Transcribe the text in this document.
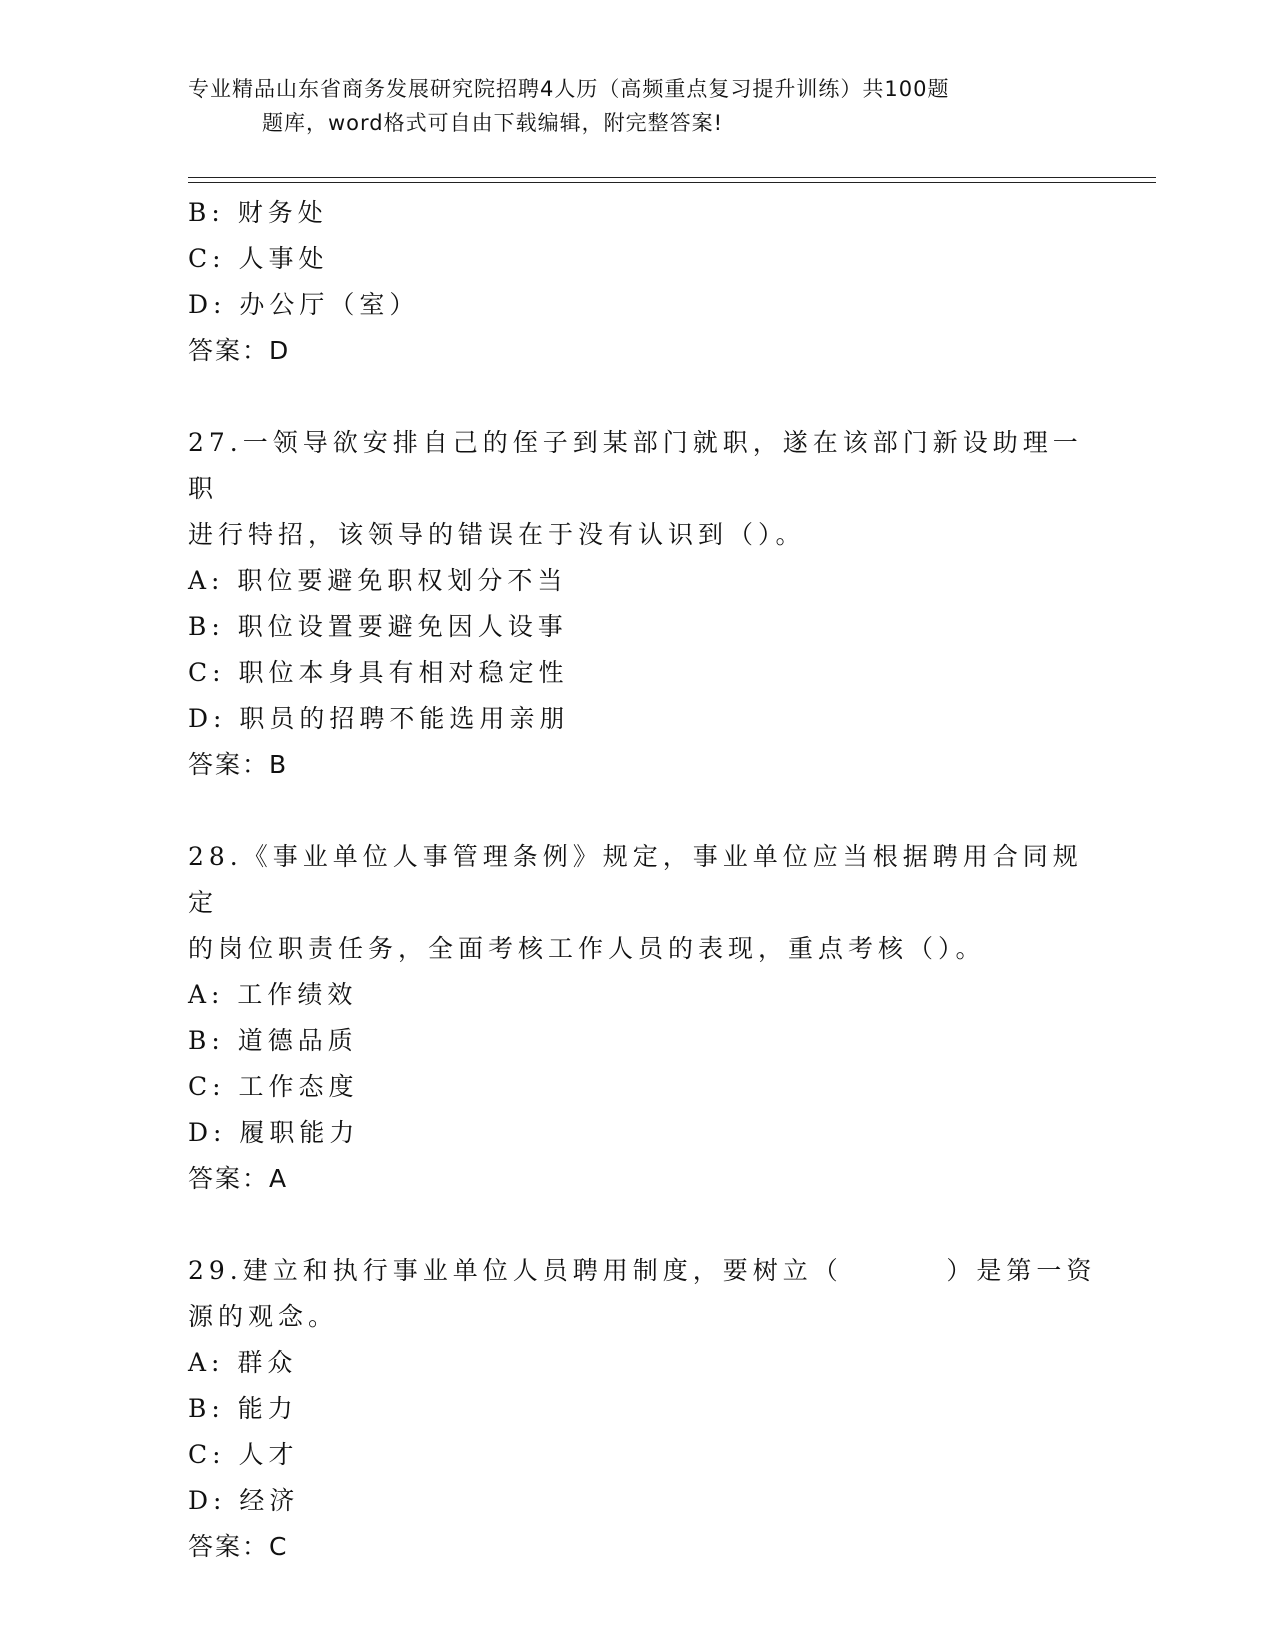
专业精品山东省商务发展研究院招聘4人历（高频重点复习提升训练）共100题
题库，word格式可自由下载编辑，附完整答案!
B: 财务处
C: 人事处
D: 办公厅（室）
答案：D
27.一领导欲安排自己的侄子到某部门就职，遂在该部门新设助理一职
进行特招，该领导的错误在于没有认识到（）。
A: 职位要避免职权划分不当
B: 职位设置要避免因人设事
C: 职位本身具有相对稳定性
D: 职员的招聘不能选用亲朋
答案：B
28.《事业单位人事管理条例》规定，事业单位应当根据聘用合同规定
的岗位职责任务，全面考核工作人员的表现，重点考核（）。
A: 工作绩效
B: 道德品质
C: 工作态度
D: 履职能力
答案：A
29.建立和执行事业单位人员聘用制度，要树立（        ）是第一资
源的观念。
A: 群众
B: 能力
C: 人才
D: 经济
答案：C
